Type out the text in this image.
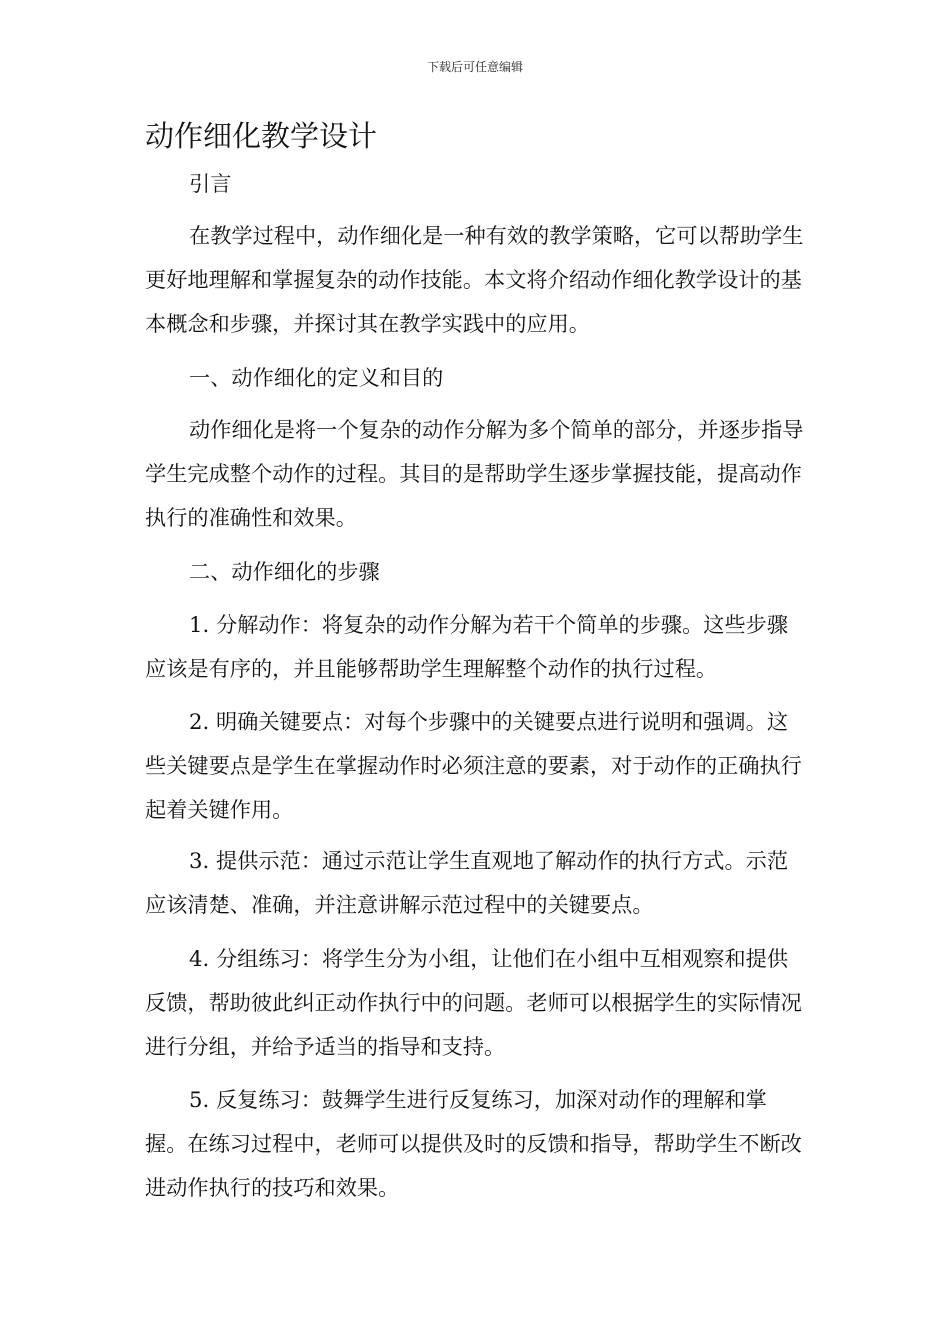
下载后可任意编辑
动作细化教学设计

引言

在教学过程中，动作细化是一种有效的教学策略，它可以帮助学生更好地理解和掌握复杂的动作技能。本文将介绍动作细化教学设计的基本概念和步骤，并探讨其在教学实践中的应用。

一、动作细化的定义和目的

动作细化是将一个复杂的动作分解为多个简单的部分，并逐步指导学生完成整个动作的过程。其目的是帮助学生逐步掌握技能，提高动作执行的准确性和效果。

二、动作细化的步骤

1. 分解动作：将复杂的动作分解为若干个简单的步骤。这些步骤应该是有序的，并且能够帮助学生理解整个动作的执行过程。

2. 明确关键要点：对每个步骤中的关键要点进行说明和强调。这些关键要点是学生在掌握动作时必须注意的要素，对于动作的正确执行起着关键作用。

3. 提供示范：通过示范让学生直观地了解动作的执行方式。示范应该清楚、准确，并注意讲解示范过程中的关键要点。

4. 分组练习：将学生分为小组，让他们在小组中互相观察和提供反馈，帮助彼此纠正动作执行中的问题。老师可以根据学生的实际情况进行分组，并给予适当的指导和支持。

5. 反复练习：鼓舞学生进行反复练习，加深对动作的理解和掌握。在练习过程中，老师可以提供及时的反馈和指导，帮助学生不断改进动作执行的技巧和效果。
